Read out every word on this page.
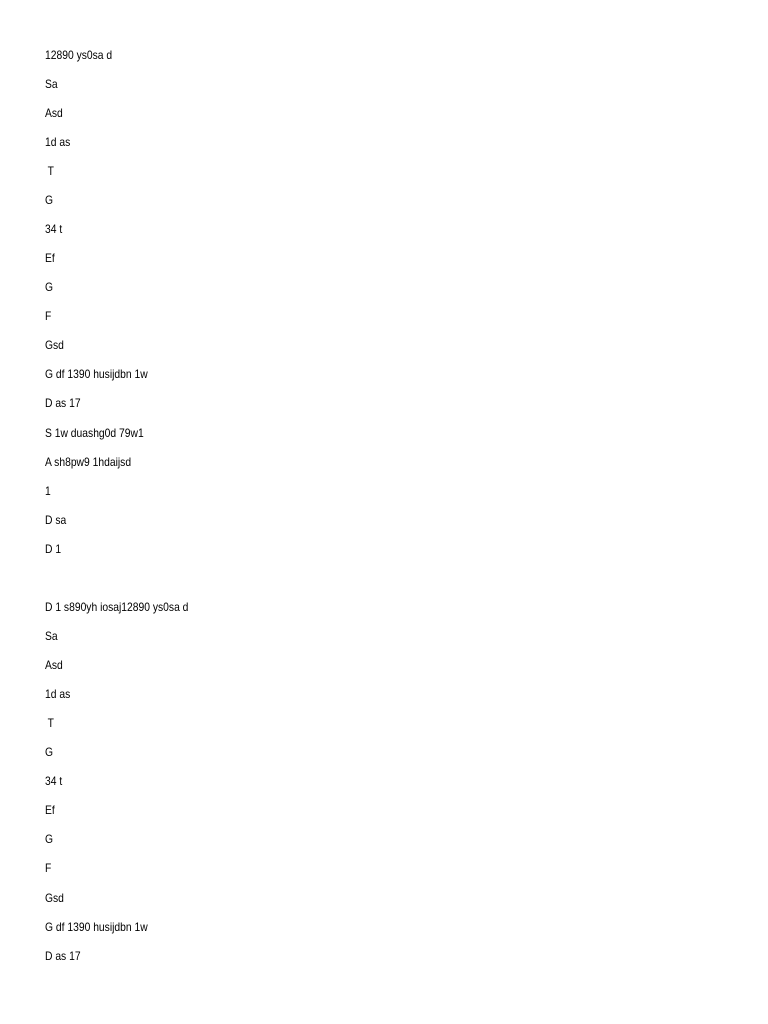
12890 ys0sa d
Sa
Asd
1d as
T
G
34 t
Ef
G
F
Gsd
G df 1390 husijdbn 1w
D as 17
S 1w duashg0d 79w1
A sh8pw9 1hdaijsd
1
D sa
D 1
D 1 s890yh iosaj12890 ys0sa d
Sa
Asd
1d as
T
G
34 t
Ef
G
F
Gsd
G df 1390 husijdbn 1w
D as 17
